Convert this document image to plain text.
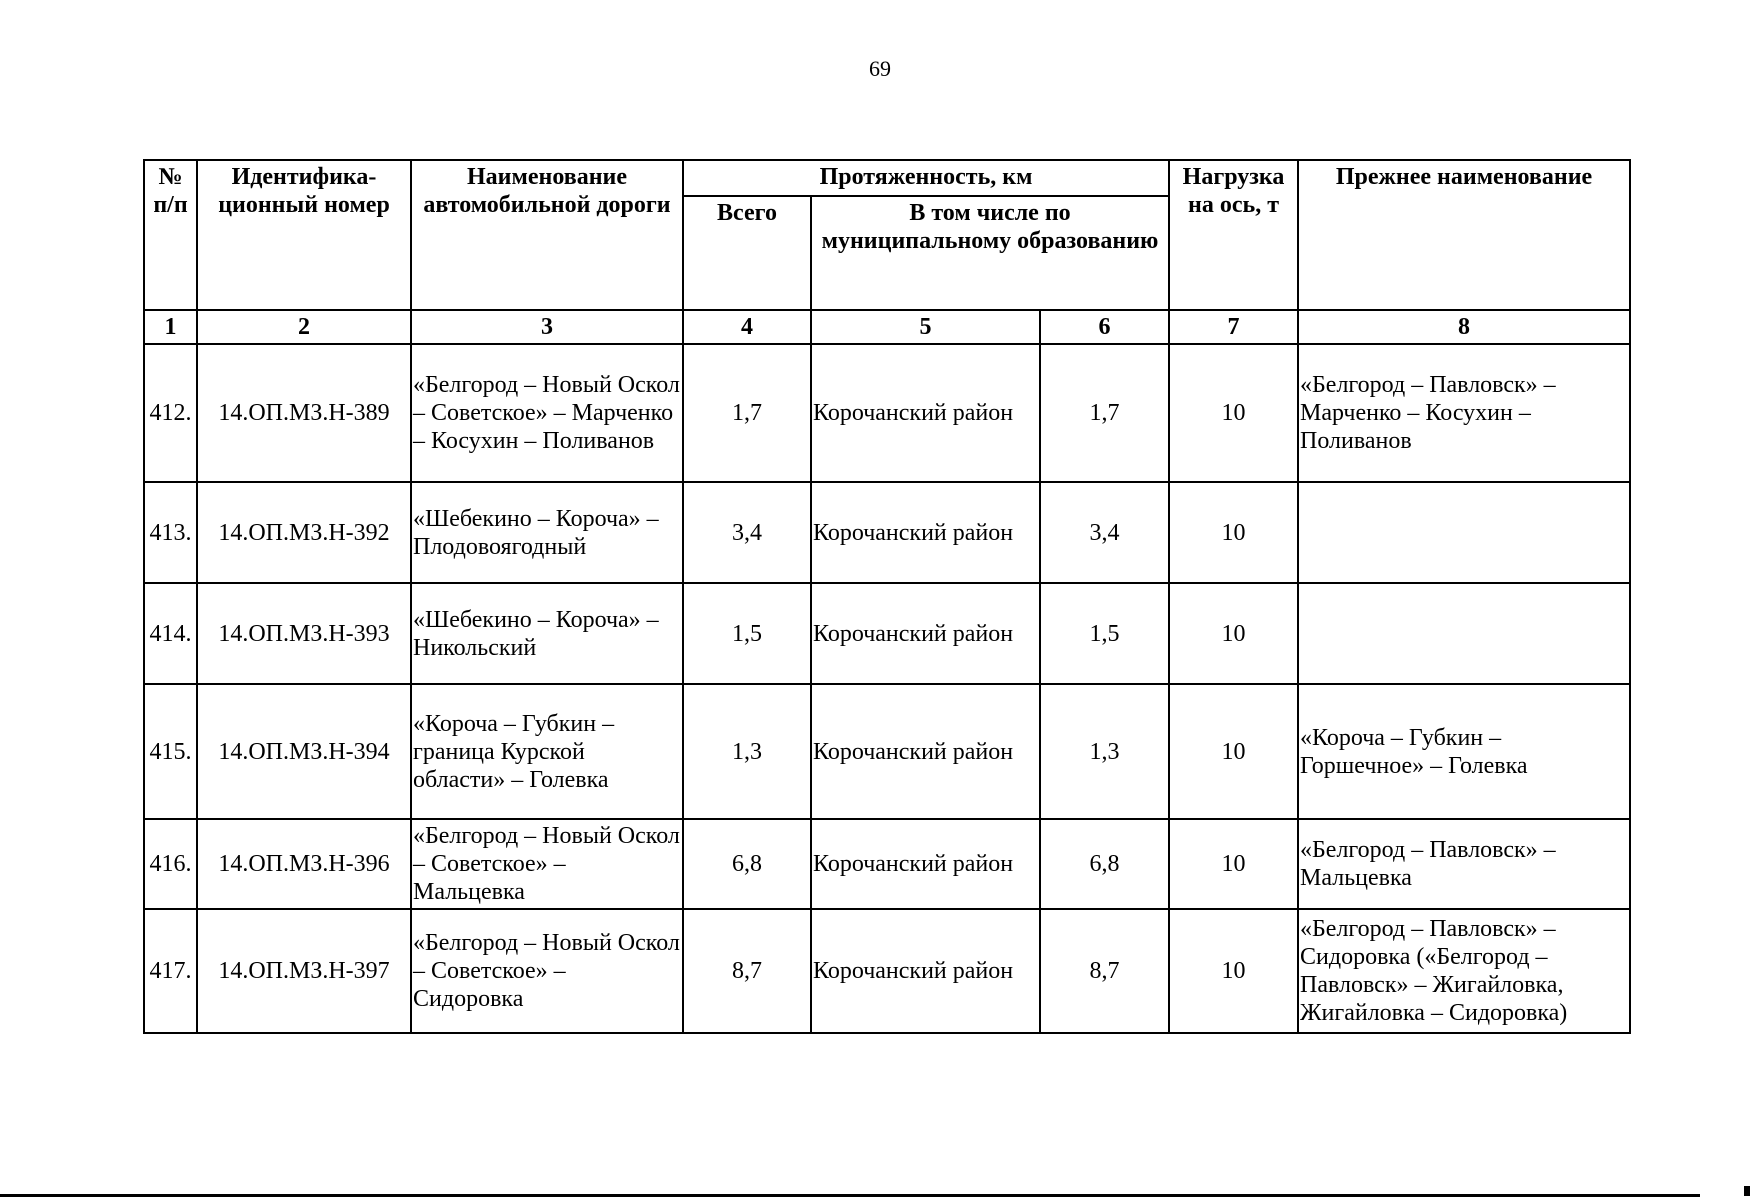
69
№ п/п	Идентифика-ционный номер	Наименование автомобильной дороги	Протяженность, км			Нагрузка на ось, т	Прежнее наименование
			Всего	В том числе по муниципальному образованию			
1	2	3	4	5	6	7	8
412.	14.ОП.МЗ.Н-389	«Белгород – Новый Оскол – Советское» – Марченко – Косухин – Поливанов	1,7	Корочанский район	1,7	10	«Белгород – Павловск» – Марченко – Косухин – Поливанов
413.	14.ОП.МЗ.Н-392	«Шебекино – Короча» – Плодовоягодный	3,4	Корочанский район	3,4	10	
414.	14.ОП.МЗ.Н-393	«Шебекино – Короча» – Никольский	1,5	Корочанский район	1,5	10	
415.	14.ОП.МЗ.Н-394	«Короча – Губкин – граница Курской области» – Голевка	1,3	Корочанский район	1,3	10	«Короча – Губкин – Горшечное» – Голевка
416.	14.ОП.МЗ.Н-396	«Белгород – Новый Оскол – Советское» – Мальцевка	6,8	Корочанский район	6,8	10	«Белгород – Павловск» – Мальцевка
417.	14.ОП.МЗ.Н-397	«Белгород – Новый Оскол – Советское» – Сидоровка	8,7	Корочанский район	8,7	10	«Белгород – Павловск» – Сидоровка («Белгород – Павловск» – Жигайловка, Жигайловка – Сидоровка)
